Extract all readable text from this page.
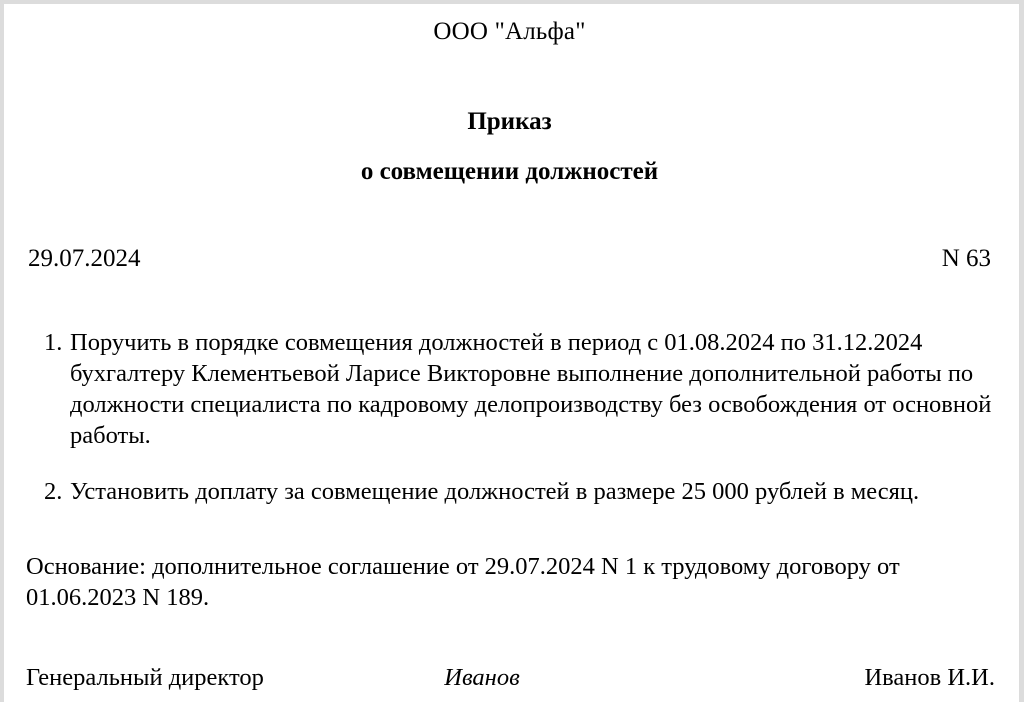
ООО "Альфа"
Приказ
о совмещении должностей
29.07.2024	N 63
1. Поручить в порядке совмещения должностей в период с 01.08.2024 по 31.12.2024 бухгалтеру Клементьевой Ларисе Викторовне выполнение дополнительной работы по должности специалиста по кадровому делопроизводству без освобождения от основной работы.
2. Установить доплату за совмещение должностей в размере 25 000 рублей в месяц.
Основание: дополнительное соглашение от 29.07.2024 N 1 к трудовому договору от 01.06.2023 N 189.
Генеральный директор	Иванов	Иванов И.И.
